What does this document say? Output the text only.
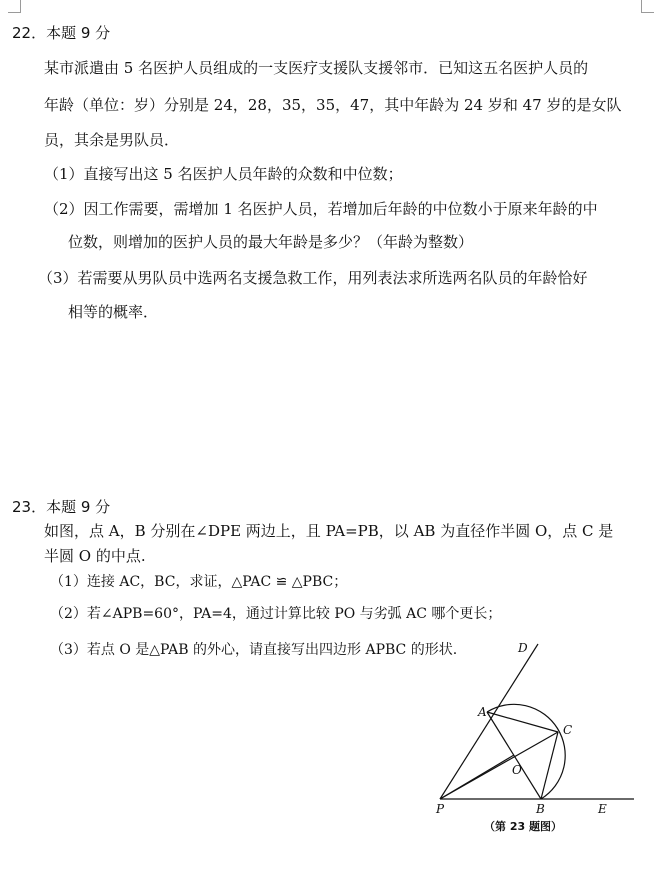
22．本题 9 分
某市派遣由 5 名医护人员组成的一支医疗支援队支援邻市．已知这五名医护人员的
年龄（单位：岁）分别是 24，28，35，35，47，其中年龄为 24 岁和 47 岁的是女队
员，其余是男队员．
（1）直接写出这 5 名医护人员年龄的众数和中位数；
（2）因工作需要，需增加 1 名医护人员，若增加后年龄的中位数小于原来年龄的中
位数，则增加的医护人员的最大年龄是多少？（年龄为整数）
（3）若需要从男队员中选两名支援急救工作，用列表法求所选两名队员的年龄恰好
相等的概率．
23．本题 9 分
如图，点 A，B 分别在∠DPE 两边上，且 PA=PB，以 AB 为直径作半圆 O，点 C 是
半圆 O 的中点.
（1）连接 AC，BC，求证，△PAC ≌ △PBC；
（2）若∠APB=60°，PA=4，通过计算比较 PO 与劣弧 AC 哪个更长；
（3）若点 O 是△PAB 的外心，请直接写出四边形 APBC 的形状.	D
A
C
O
P	B	E
（第 23 题图）
